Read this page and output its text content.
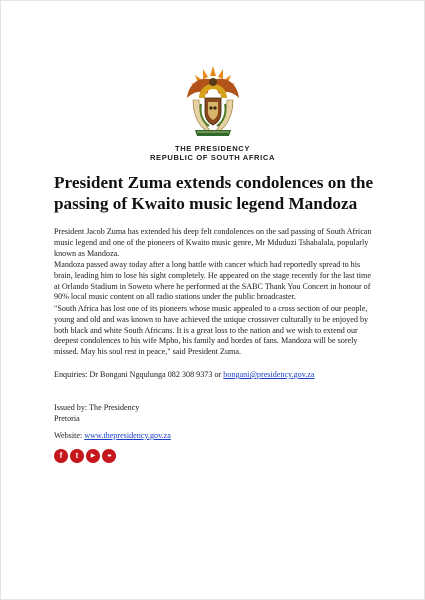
THE PRESIDENCY
REPUBLIC OF SOUTH AFRICA
President Zuma extends condolences on the passing of Kwaito music legend Mandoza

President Jacob Zuma has extended his deep felt condolences on the sad passing of South African music legend and one of the pioneers of Kwaito music genre, Mr Mduduzi Tshabalala, popularly known as Mandoza.

Mandoza passed away today after a long battle with cancer which had reportedly spread to his brain, leading him to lose his sight completely. He appeared on the stage recently for the last time at Orlando Stadium in Soweto where he performed at the SABC Thank You Concert in honour of 90% local music content on all radio stations under the public broadcaster.

"South Africa has lost one of its pioneers whose music appealed to a cross section of our people, young and old and was known to have achieved the unique crossover culturally to be enjoyed by both black and white South Africans. It is a great loss to the nation and we wish to extend our deepest condolences to his wife Mpho, his family and hordes of fans. Mandoza will be sorely missed. May his soul rest in peace," said President Zuma.

Enquiries: Dr Bongani Ngqulunga 082 308 9373 or bongani@presidency.gov.za

Issued by: The Presidency
Pretoria

Website: www.thepresidency.gov.za

f	t	▶	••
